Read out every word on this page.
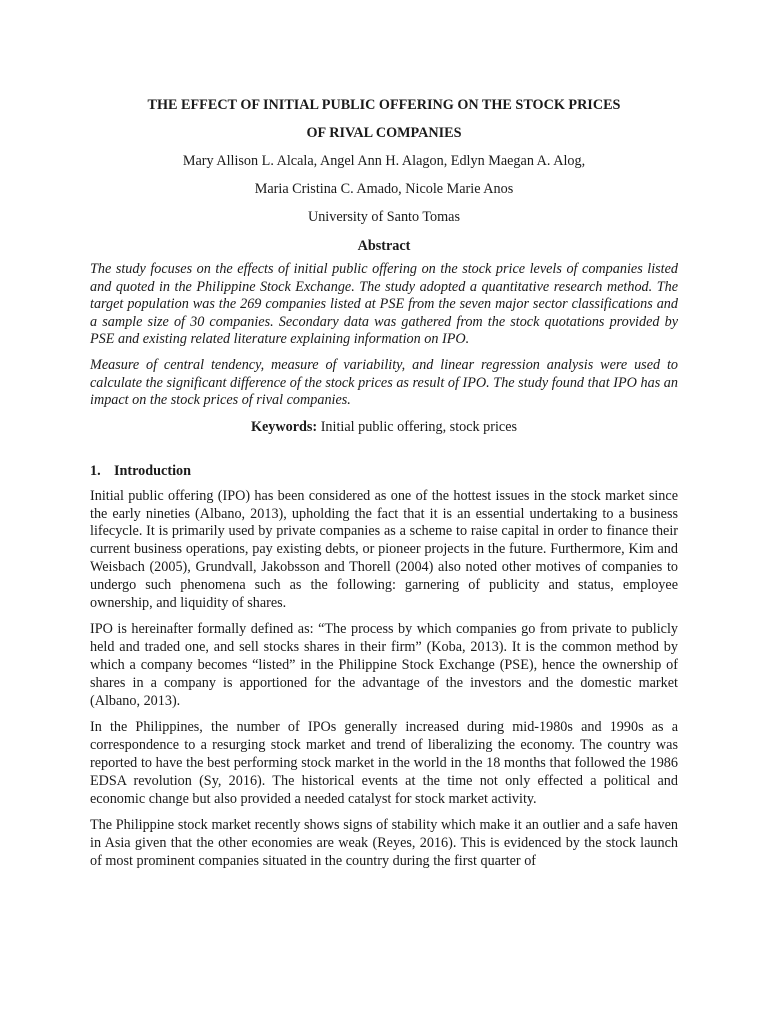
THE EFFECT OF INITIAL PUBLIC OFFERING ON THE STOCK PRICES

OF RIVAL COMPANIES

Mary Allison L. Alcala, Angel Ann H. Alagon, Edlyn Maegan A. Alog,

Maria Cristina C. Amado, Nicole Marie Anos

University of Santo Tomas

Abstract

The study focuses on the effects of initial public offering on the stock price levels of companies listed and quoted in the Philippine Stock Exchange. The study adopted a quantitative research method. The target population was the 269 companies listed at PSE from the seven major sector classifications and a sample size of 30 companies. Secondary data was gathered from the stock quotations provided by PSE and existing related literature explaining information on IPO.

Measure of central tendency, measure of variability, and linear regression analysis were used to calculate the significant difference of the stock prices as result of IPO. The study found that IPO has an impact on the stock prices of rival companies.

Keywords: Initial public offering, stock prices

1. Introduction

Initial public offering (IPO) has been considered as one of the hottest issues in the stock market since the early nineties (Albano, 2013), upholding the fact that it is an essential undertaking to a business lifecycle. It is primarily used by private companies as a scheme to raise capital in order to finance their current business operations, pay existing debts, or pioneer projects in the future. Furthermore, Kim and Weisbach (2005), Grundvall, Jakobsson and Thorell (2004) also noted other motives of companies to undergo such phenomena such as the following: garnering of publicity and status, employee ownership, and liquidity of shares.

IPO is hereinafter formally defined as: “The process by which companies go from private to publicly held and traded one, and sell stocks shares in their firm” (Koba, 2013). It is the common method by which a company becomes “listed” in the Philippine Stock Exchange (PSE), hence the ownership of shares in a company is apportioned for the advantage of the investors and the domestic market (Albano, 2013).

In the Philippines, the number of IPOs generally increased during mid-1980s and 1990s as a correspondence to a resurging stock market and trend of liberalizing the economy. The country was reported to have the best performing stock market in the world in the 18 months that followed the 1986 EDSA revolution (Sy, 2016). The historical events at the time not only effected a political and economic change but also provided a needed catalyst for stock market activity.

The Philippine stock market recently shows signs of stability which make it an outlier and a safe haven in Asia given that the other economies are weak (Reyes, 2016). This is evidenced by the stock launch of most prominent companies situated in the country during the first quarter of
